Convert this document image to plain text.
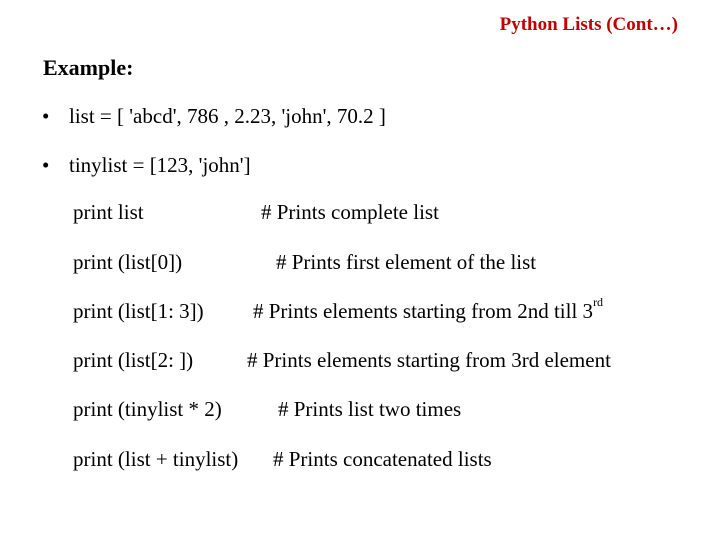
Python Lists (Cont…)
Example:
• list = [ 'abcd', 786 , 2.23, 'john', 70.2 ]
• tinylist = [123, 'john']
print list	# Prints complete list
print (list[0])	# Prints first element of the list
print (list[1: 3]) # Prints elements starting from 2nd till 3rd
print (list[2: ])	# Prints elements starting from 3rd element
print (tinylist * 2)	# Prints list two times
print (list + tinylist) # Prints concatenated lists
